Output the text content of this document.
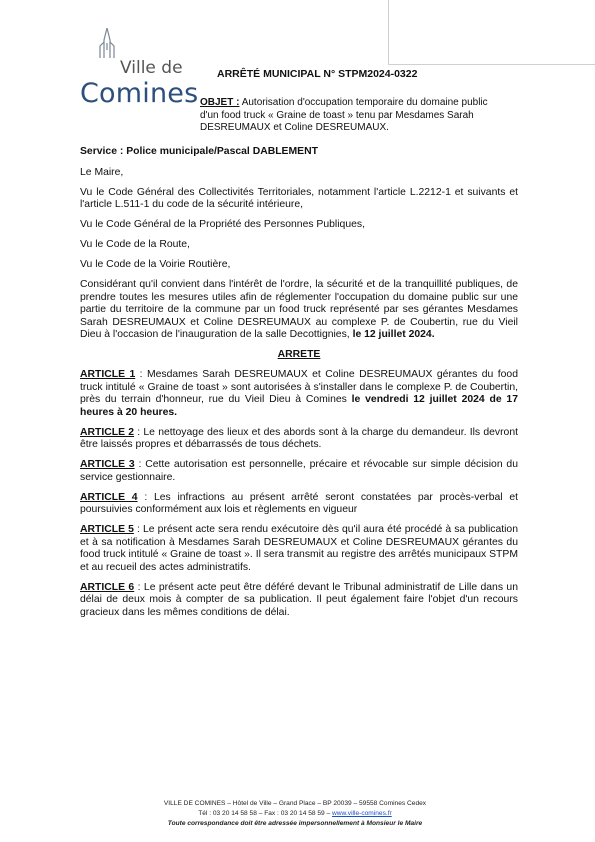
Ville de
Comines
ARRÊTÉ MUNICIPAL N° STPM2024-0322
OBJET : Autorisation d'occupation temporaire du domaine public d'un food truck « Graine de toast » tenu par Mesdames Sarah DESREUMAUX et Coline DESREUMAUX.

Service : Police municipale/Pascal DABLEMENT

Le Maire,

Vu le Code Général des Collectivités Territoriales, notamment l'article L.2212-1 et suivants et l'article L.511-1 du code de la sécurité intérieure,

Vu le Code Général de la Propriété des Personnes Publiques,

Vu le Code de la Route,

Vu le Code de la Voirie Routière,

Considérant qu'il convient dans l'intérêt de l'ordre, la sécurité et de la tranquillité publiques, de prendre toutes les mesures utiles afin de réglementer l'occupation du domaine public sur une partie du territoire de la commune par un food truck représenté par ses gérantes Mesdames Sarah DESREUMAUX et Coline DESREUMAUX au complexe P. de Coubertin, rue du Vieil Dieu à l'occasion de l'inauguration de la salle Decottignies, le 12 juillet 2024.

ARRETE

ARTICLE 1 : Mesdames Sarah DESREUMAUX et Coline DESREUMAUX gérantes du food truck intitulé « Graine de toast » sont autorisées à s'installer dans le complexe P. de Coubertin, près du terrain d'honneur, rue du Vieil Dieu à Comines le vendredi 12 juillet 2024 de 17 heures à 20 heures.

ARTICLE 2 : Le nettoyage des lieux et des abords sont à la charge du demandeur. Ils devront être laissés propres et débarrassés de tous déchets.

ARTICLE 3 : Cette autorisation est personnelle, précaire et révocable sur simple décision du service gestionnaire.

ARTICLE 4 : Les infractions au présent arrêté seront constatées par procès-verbal et poursuivies conformément aux lois et règlements en vigueur

ARTICLE 5 : Le présent acte sera rendu exécutoire dès qu'il aura été procédé à sa publication et à sa notification à Mesdames Sarah DESREUMAUX et Coline DESREUMAUX gérantes du food truck intitulé « Graine de toast ». Il sera transmit au registre des arrêtés municipaux STPM et au recueil des actes administratifs.

ARTICLE 6 : Le présent acte peut être déféré devant le Tribunal administratif de Lille dans un délai de deux mois à compter de sa publication. Il peut également faire l'objet d'un recours gracieux dans les mêmes conditions de délai.

VILLE DE COMINES – Hôtel de Ville – Grand Place – BP 20039 – 59558 Comines Cedex
Tél : 03 20 14 58 58 – Fax : 03 20 14 58 59 – www.ville-comines.fr
Toute correspondance doit être adressée impersonnellement à Monsieur le Maire
